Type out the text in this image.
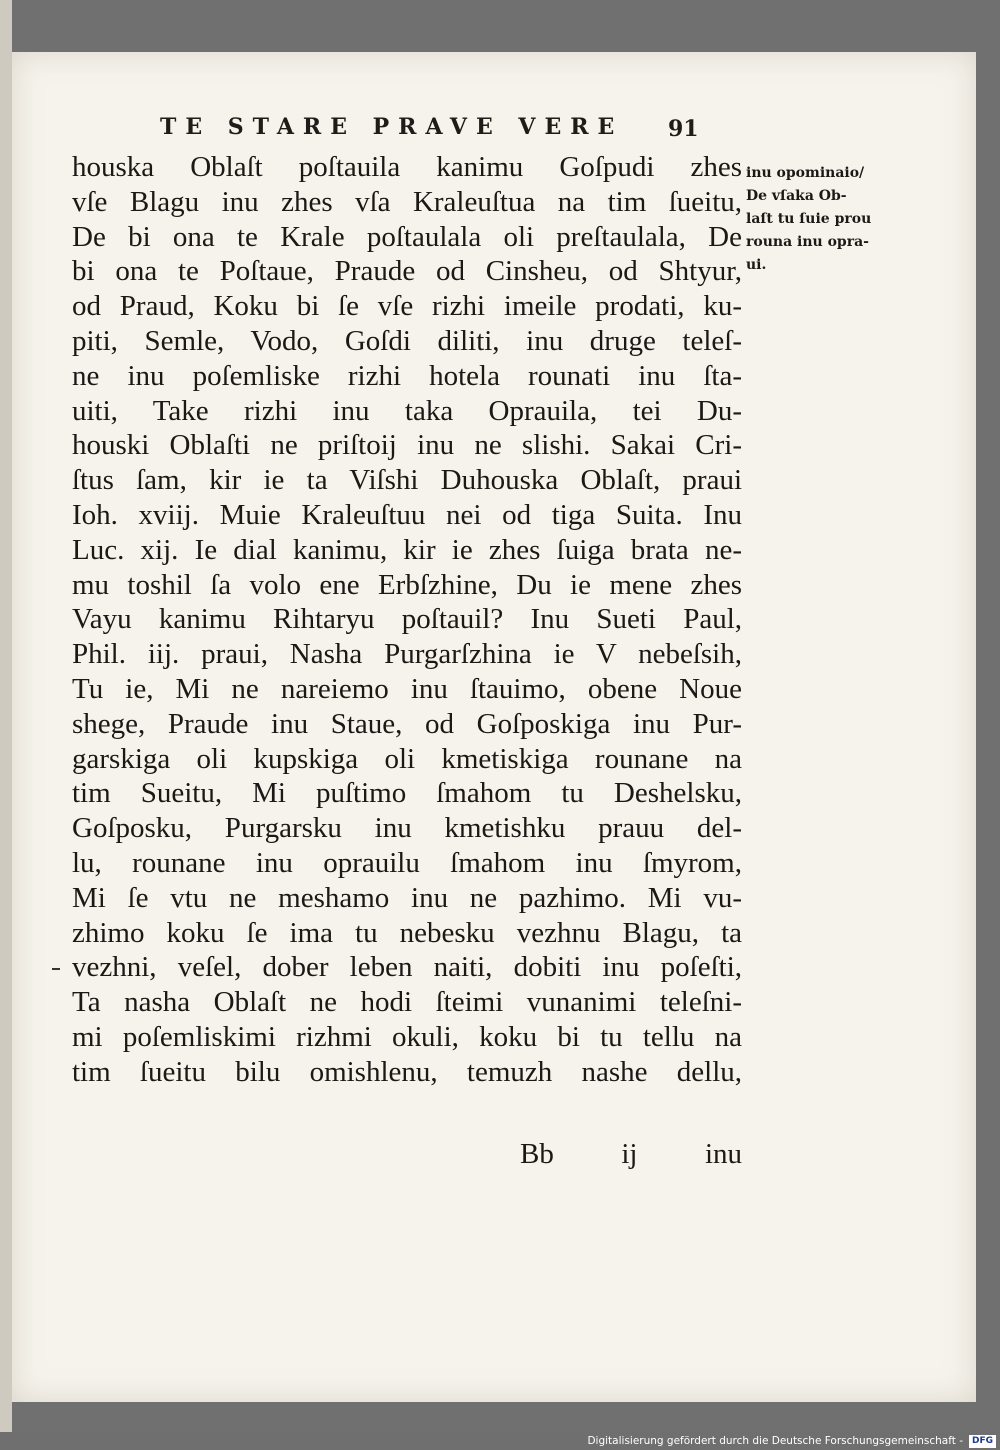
TE STARE PRAVE VERE	91
houska Oblaſt poſtauila kanimu Goſpudi zhes
vſe Blagu inu zhes vſa Kraleuſtua na tim ſueitu,
De bi ona te Krale poſtaulala oli preſtaulala, De
bi ona te Poſtaue, Praude od Cinsheu, od Shtyur,
od Praud, Koku bi ſe vſe rizhi imeile prodati, ku-
piti, Semle, Vodo, Goſdi diliti, inu druge teleſ-
ne inu poſemliske rizhi hotela rounati inu ſta-
uiti, Take rizhi inu taka Oprauila, tei Du-
houski Oblaſti ne priſtoij inu ne slishi. Sakai Cri-
ſtus ſam, kir ie ta Viſshi Duhouska Oblaſt, praui
Ioh. xviij. Muie Kraleuſtuu nei od tiga Suita. Inu
Luc. xij. Ie dial kanimu, kir ie zhes ſuiga brata ne-
mu toshil ſa volo ene Erbſzhine, Du ie mene zhes
Vayu kanimu Rihtaryu poſtauil? Inu Sueti Paul,
Phil. iij. praui, Nasha Purgarſzhina ie V nebeſsih,
Tu ie, Mi ne nareiemo inu ſtauimo, obene Noue
shege, Praude inu Staue, od Goſposkiga inu Pur-
garskiga oli kupskiga oli kmetiskiga rounane na
tim Sueitu, Mi puſtimo ſmahom tu Deshelsku,
Goſposku, Purgarsku inu kmetishku prauu del-
lu, rounane inu oprauilu ſmahom inu ſmyrom,
Mi ſe vtu ne meshamo inu ne pazhimo. Mi vu-
zhimo koku ſe ima tu nebesku vezhnu Blagu, ta
vezhni, veſel, dober leben naiti, dobiti inu poſeſti,
Ta nasha Oblaſt ne hodi ſteimi vunanimi teleſni-
mi poſemliskimi rizhmi okuli, koku bi tu tellu na
tim ſueitu bilu omishlenu, temuzh nashe dellu,
inu opominaio/
De vſaka Ob-
laſt tu ſuie prou
rouna inu opra-
ui.
Bb ij inu
Digitalisierung gefördert durch die Deutsche Forschungsgemeinschaft -	DFG
